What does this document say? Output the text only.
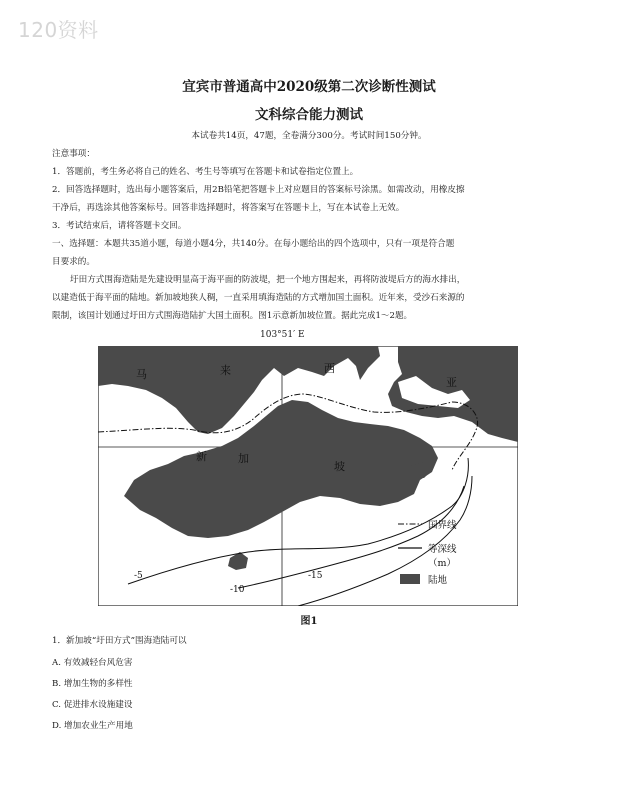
120资料
宜宾市普通高中2020级第二次诊断性测试
文科综合能力测试
本试卷共14页，47题，全卷满分300分。考试时间150分钟。
注意事项：
1．答题前，考生务必将自己的姓名、考生号等填写在答题卡和试卷指定位置上。
2．回答选择题时，选出每小题答案后，用2B铅笔把答题卡上对应题目的答案标号涂黑。如需改动，用橡皮擦
干净后，再选涂其他答案标号。回答非选择题时，将答案写在答题卡上，写在本试卷上无效。
3．考试结束后，请将答题卡交回。
一、选择题：本题共35道小题，每道小题4分，共140分。在每小题给出的四个选项中，只有一项是符合题
目要求的。
圩田方式围海造陆是先建设明显高于海平面的防波堤，把一个地方围起来，再将防波堤后方的海水排出，
以建造低于海平面的陆地。新加坡地狭人稠，一直采用填海造陆的方式增加国土面积。近年来，受沙石来源的
限制，该国计划通过圩田方式围海造陆扩大国土面积。图1示意新加坡位置。据此完成1～2题。
103°51′ E
马	来	西
亚
新	加
坡
-5
-10
-15
国界线
等深线
（m）
陆地
图1
1．新加坡“圩田方式”围海造陆可以
A. 有效减轻台风危害
B. 增加生物的多样性
C. 促进排水设施建设
D. 增加农业生产用地
